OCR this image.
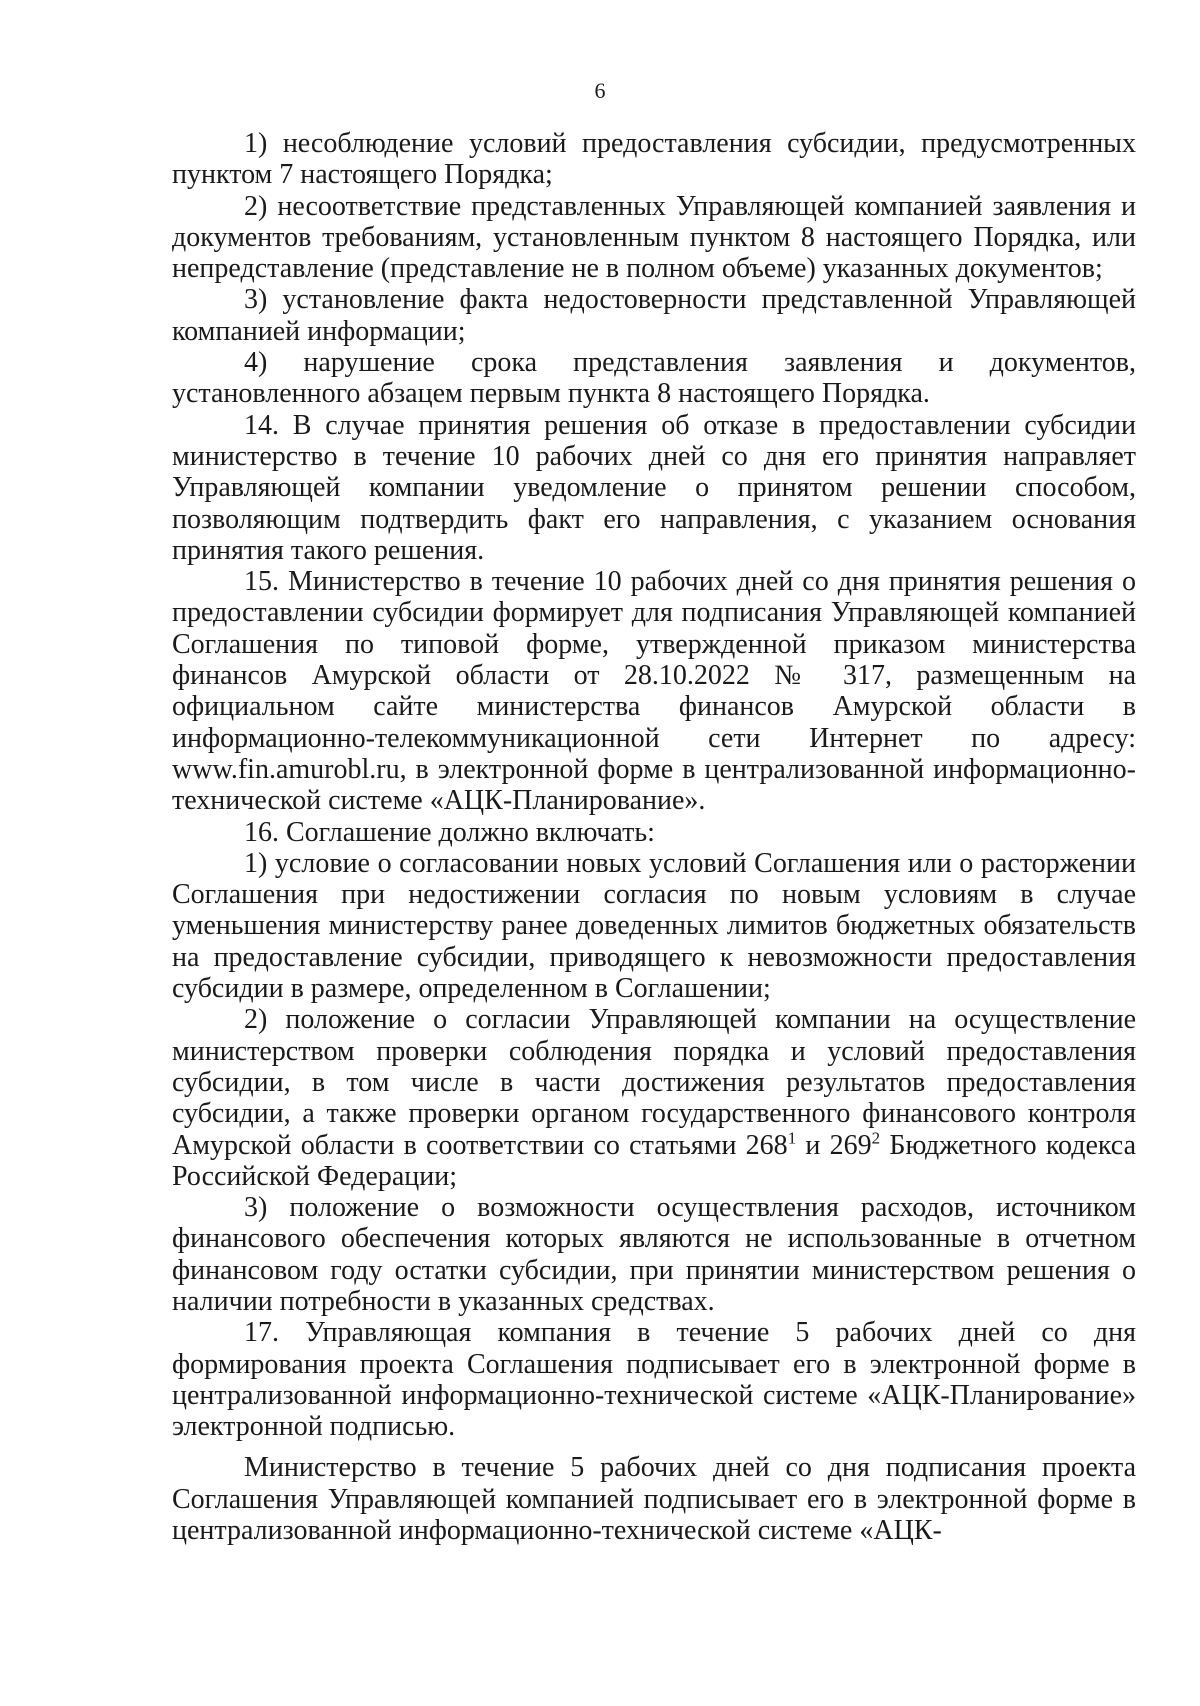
6

1) несоблюдение условий предоставления субсидии, предусмотренных пунктом 7 настоящего Порядка;

2) несоответствие представленных Управляющей компанией заявления и документов требованиям, установленным пунктом 8 настоящего Порядка, или непредставление (представление не в полном объеме) указанных документов;

3) установление факта недостоверности представленной Управляющей компанией информации;

4) нарушение срока представления заявления и документов, установленного абзацем первым пункта 8 настоящего Порядка.

14. В случае принятия решения об отказе в предоставлении субсидии министерство в течение 10 рабочих дней со дня его принятия направляет Управляющей компании уведомление о принятом решении способом, позволяющим подтвердить факт его направления, с указанием основания принятия такого решения.

15. Министерство в течение 10 рабочих дней со дня принятия решения о предоставлении субсидии формирует для подписания Управляющей компанией Соглашения по типовой форме, утвержденной приказом министерства финансов Амурской области от 28.10.2022 № 317, размещенным на официальном сайте министерства финансов Амурской области в информационно-телекоммуникационной сети Интернет по адресу: www.fin.amurobl.ru, в электронной форме в централизованной информационно-технической системе «АЦК-Планирование».

16. Соглашение должно включать:

1) условие о согласовании новых условий Соглашения или о расторжении Соглашения при недостижении согласия по новым условиям в случае уменьшения министерству ранее доведенных лимитов бюджетных обязательств на предоставление субсидии, приводящего к невозможности предоставления субсидии в размере, определенном в Соглашении;

2) положение о согласии Управляющей компании на осуществление министерством проверки соблюдения порядка и условий предоставления субсидии, в том числе в части достижения результатов предоставления субсидии, а также проверки органом государственного финансового контроля Амурской области в соответствии со статьями $268^1$ и $269^2$ Бюджетного кодекса Российской Федерации;

3) положение о возможности осуществления расходов, источником финансового обеспечения которых являются не использованные в отчетном финансовом году остатки субсидии, при принятии министерством решения о наличии потребности в указанных средствах.

17. Управляющая компания в течение 5 рабочих дней со дня формирования проекта Соглашения подписывает его в электронной форме в централизованной информационно-технической системе «АЦК-Планирование» электронной подписью.

Министерство в течение 5 рабочих дней со дня подписания проекта Соглашения Управляющей компанией подписывает его в электронной форме в централизованной информационно-технической системе «АЦК-
